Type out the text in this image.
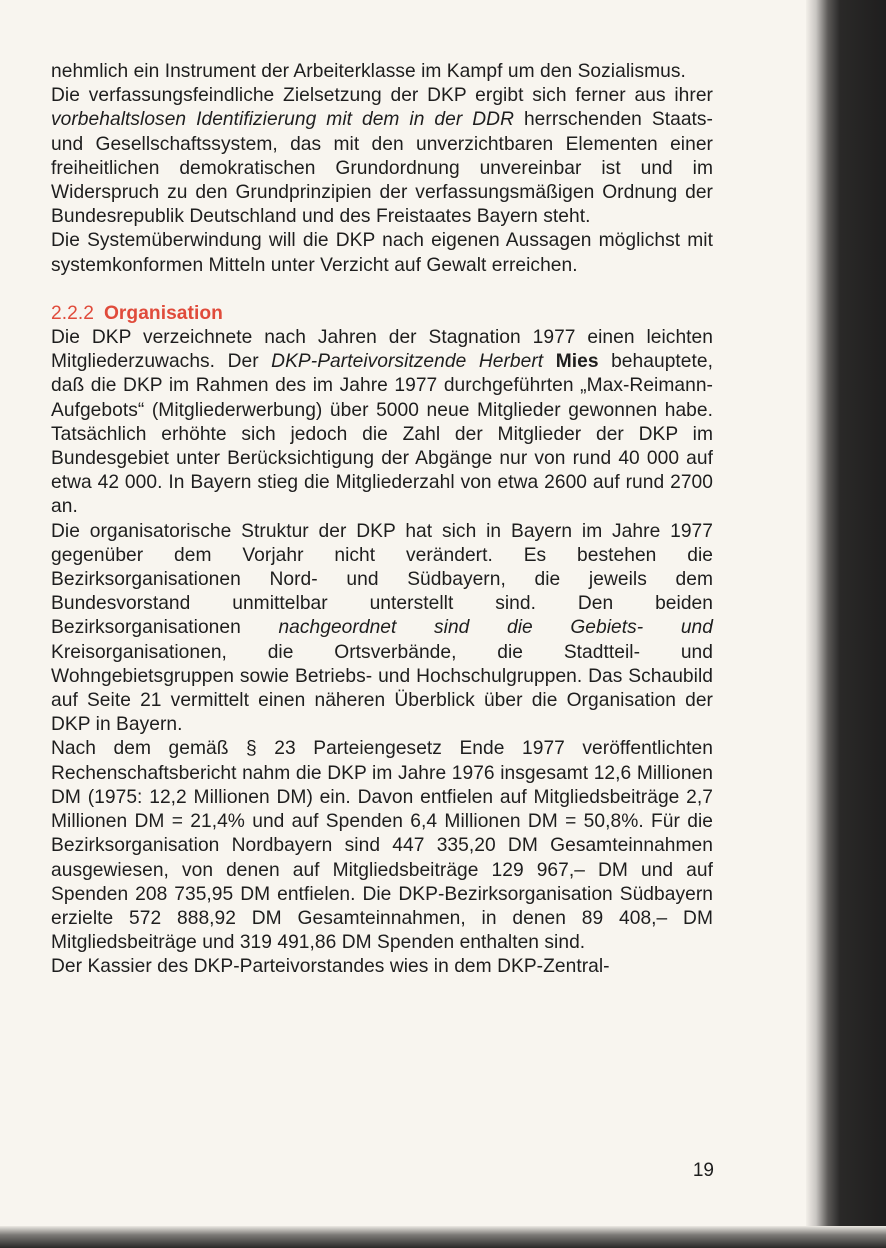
nehmlich ein Instrument der Arbeiterklasse im Kampf um den Sozialismus.

Die verfassungsfeindliche Zielsetzung der DKP ergibt sich ferner aus ihrer vorbehaltslosen Identifizierung mit dem in der DDR herrschenden Staats- und Gesellschaftssystem, das mit den unverzichtbaren Elementen einer freiheitlichen demokratischen Grundordnung unvereinbar ist und im Widerspruch zu den Grundprinzipien der verfassungsmäßigen Ordnung der Bundesrepublik Deutschland und des Freistaates Bayern steht.

Die Systemüberwindung will die DKP nach eigenen Aussagen möglichst mit systemkonformen Mitteln unter Verzicht auf Gewalt erreichen.

2.2.2 Organisation

Die DKP verzeichnete nach Jahren der Stagnation 1977 einen leichten Mitgliederzuwachs. Der DKP-Parteivorsitzende Herbert Mies behauptete, daß die DKP im Rahmen des im Jahre 1977 durchgeführten „Max-Reimann-Aufgebots“ (Mitgliederwerbung) über 5000 neue Mitglieder gewonnen habe. Tatsächlich erhöhte sich jedoch die Zahl der Mitglieder der DKP im Bundesgebiet unter Berücksichtigung der Abgänge nur von rund 40 000 auf etwa 42 000. In Bayern stieg die Mitgliederzahl von etwa 2600 auf rund 2700 an.

Die organisatorische Struktur der DKP hat sich in Bayern im Jahre 1977 gegenüber dem Vorjahr nicht verändert. Es bestehen die Bezirksorganisationen Nord- und Südbayern, die jeweils dem Bundesvorstand unmittelbar unterstellt sind. Den beiden Bezirksorganisationen nachgeordnet sind die Gebiets- und Kreisorganisationen, die Ortsverbände, die Stadtteil- und Wohngebietsgruppen sowie Betriebs- und Hochschulgruppen. Das Schaubild auf Seite 21 vermittelt einen näheren Überblick über die Organisation der DKP in Bayern.

Nach dem gemäß § 23 Parteiengesetz Ende 1977 veröffentlichten Rechenschaftsbericht nahm die DKP im Jahre 1976 insgesamt 12,6 Millionen DM (1975: 12,2 Millionen DM) ein. Davon entfielen auf Mitgliedsbeiträge 2,7 Millionen DM = 21,4% und auf Spenden 6,4 Millionen DM = 50,8%. Für die Bezirksorganisation Nordbayern sind 447 335,20 DM Gesamteinnahmen ausgewiesen, von denen auf Mitgliedsbeiträge 129 967,– DM und auf Spenden 208 735,95 DM entfielen. Die DKP-Bezirksorganisation Südbayern erzielte 572 888,92 DM Gesamteinnahmen, in denen 89 408,– DM Mitgliedsbeiträge und 319 491,86 DM Spenden enthalten sind.

Der Kassier des DKP-Parteivorstandes wies in dem DKP-Zentral-

19
